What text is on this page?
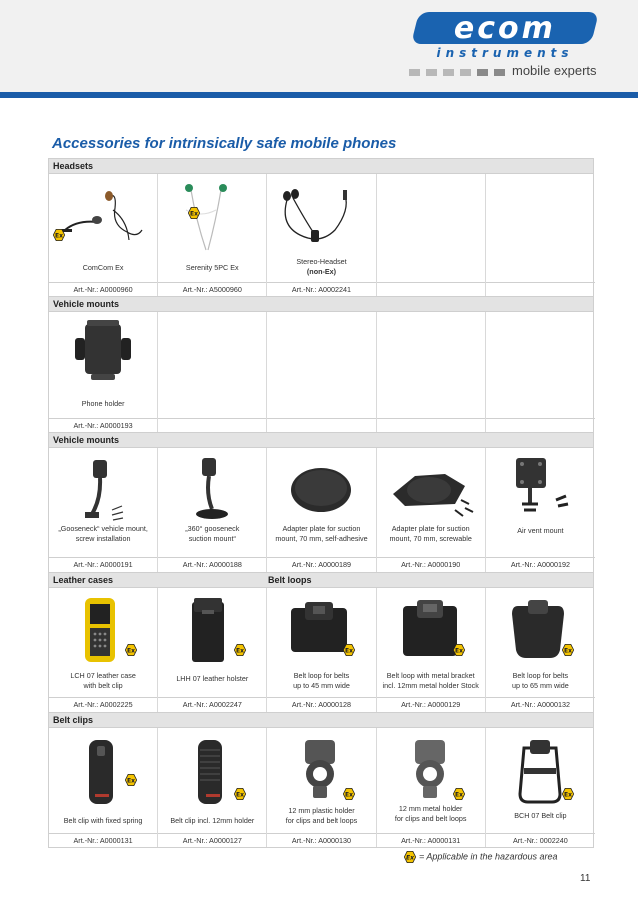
ecom
instruments
mobile experts
Accessories for intrinsically safe mobile phones
Headsets
ComCom Ex
Art.-Nr.: A0000960
Serenity 5PC Ex
Art.-Nr.: A5000960
Stereo-Headset
(non-Ex)
Art.-Nr.: A0002241
Vehicle mounts
Phone holder
Art.-Nr.: A0000193
Vehicle mounts
„Gooseneck“ vehicle mount,
screw installation
Art.-Nr.: A0000191
„360° gooseneck
suction mount“
Art.-Nr.: A0000188
Adapter plate for suction
mount, 70 mm, self-adhesive
Art.-Nr.: A0000189
Adapter plate for suction
mount, 70 mm, screwable
Art.-Nr.: A0000190
Air vent mount
Art.-Nr.: A0000192
Leather cases	Belt loops
LCH 07 leather case
with belt clip
Art.-Nr.: A0002225
LHH 07 leather holster
Art.-Nr.: A0002247
Belt loop for belts
up to 45 mm wide
Art.-Nr.: A0000128
Belt loop with metal bracket
incl. 12mm metal holder Stock
Art.-Nr.: A0000129
Belt loop for belts
up to 65 mm wide
Art.-Nr.: A0000132
Belt clips
Belt clip with fixed spring
Art.-Nr.: A0000131
Belt clip incl. 12mm holder
Art.-Nr.: A0000127
12 mm plastic holder
for clips and belt loops
Art.-Nr.: A0000130
12 mm metal holder
for clips and belt loops
Art.-Nr.: A0000131
BCH 07 Belt clip
Art.-Nr.: 0002240
= Applicable in the hazardous area
11
